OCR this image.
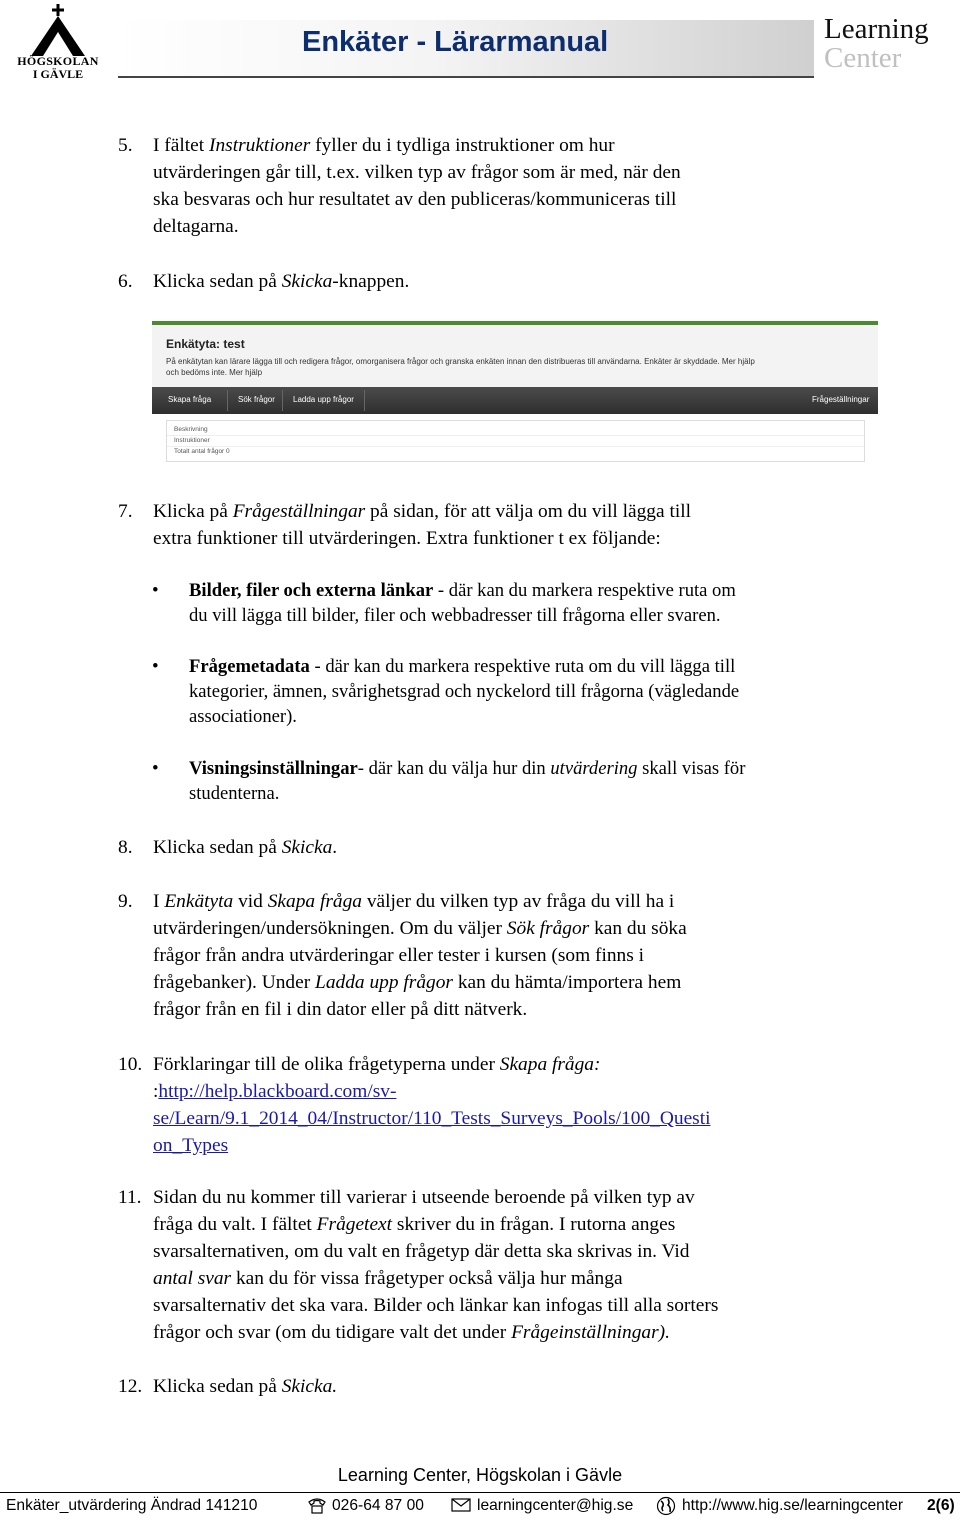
HÖGSKOLAN
I GÄVLE
Enkäter - Lärarmanual	Learning
Center
5. I fältet Instruktioner fyller du i tydliga instruktioner om hur
utvärderingen går till, t.ex. vilken typ av frågor som är med, när den
ska besvaras och hur resultatet av den publiceras/kommuniceras till
deltagarna.

6. Klicka sedan på Skicka-knappen.

Enkätyta: test
På enkätytan kan lärare lägga till och redigera frågor, omorganisera frågor och granska enkäten innan den distribueras till användarna. Enkäter är skyddade. Mer hjälp
och bedöms inte. Mer hjälp
Skapa fråga	Sök frågor Ladda upp frågor	Frågeställningar
Beskrivning
Instruktioner
Totalt antal frågor 0
7. Klicka på Frågeställningar på sidan, för att välja om du vill lägga till
extra funktioner till utvärderingen. Extra funktioner t ex följande:

• Bilder, filer och externa länkar - där kan du markera respektive ruta om
du vill lägga till bilder, filer och webbadresser till frågorna eller svaren.

• Frågemetadata - där kan du markera respektive ruta om du vill lägga till
kategorier, ämnen, svårighetsgrad och nyckelord till frågorna (vägledande
associationer).

• Visningsinställningar- där kan du välja hur din utvärdering skall visas för
studenterna.

8. Klicka sedan på Skicka.

9. I Enkätyta vid Skapa fråga väljer du vilken typ av fråga du vill ha i
utvärderingen/undersökningen. Om du väljer Sök frågor kan du söka
frågor från andra utvärderingar eller tester i kursen (som finns i
frågebanker). Under Ladda upp frågor kan du hämta/importera hem
frågor från en fil i din dator eller på ditt nätverk.

10. Förklaringar till de olika frågetyperna under Skapa fråga:
:http://help.blackboard.com/sv-
se/Learn/9.1_2014_04/Instructor/110_Tests_Surveys_Pools/100_Questi
on_Types

11. Sidan du nu kommer till varierar i utseende beroende på vilken typ av
fråga du valt. I fältet Frågetext skriver du in frågan. I rutorna anges
svarsalternativen, om du valt en frågetyp där detta ska skrivas in. Vid
antal svar kan du för vissa frågetyper också välja hur många
svarsalternativ det ska vara. Bilder och länkar kan infogas till alla sorters
frågor och svar (om du tidigare valt det under Frågeinställningar).

12. Klicka sedan på Skicka.

Learning Center, Högskolan i Gävle

Enkäter_utvärdering Ändrad 141210	026-64 87 00	learningcenter@hig.se	http://www.hig.se/learningcenter 2(6)
